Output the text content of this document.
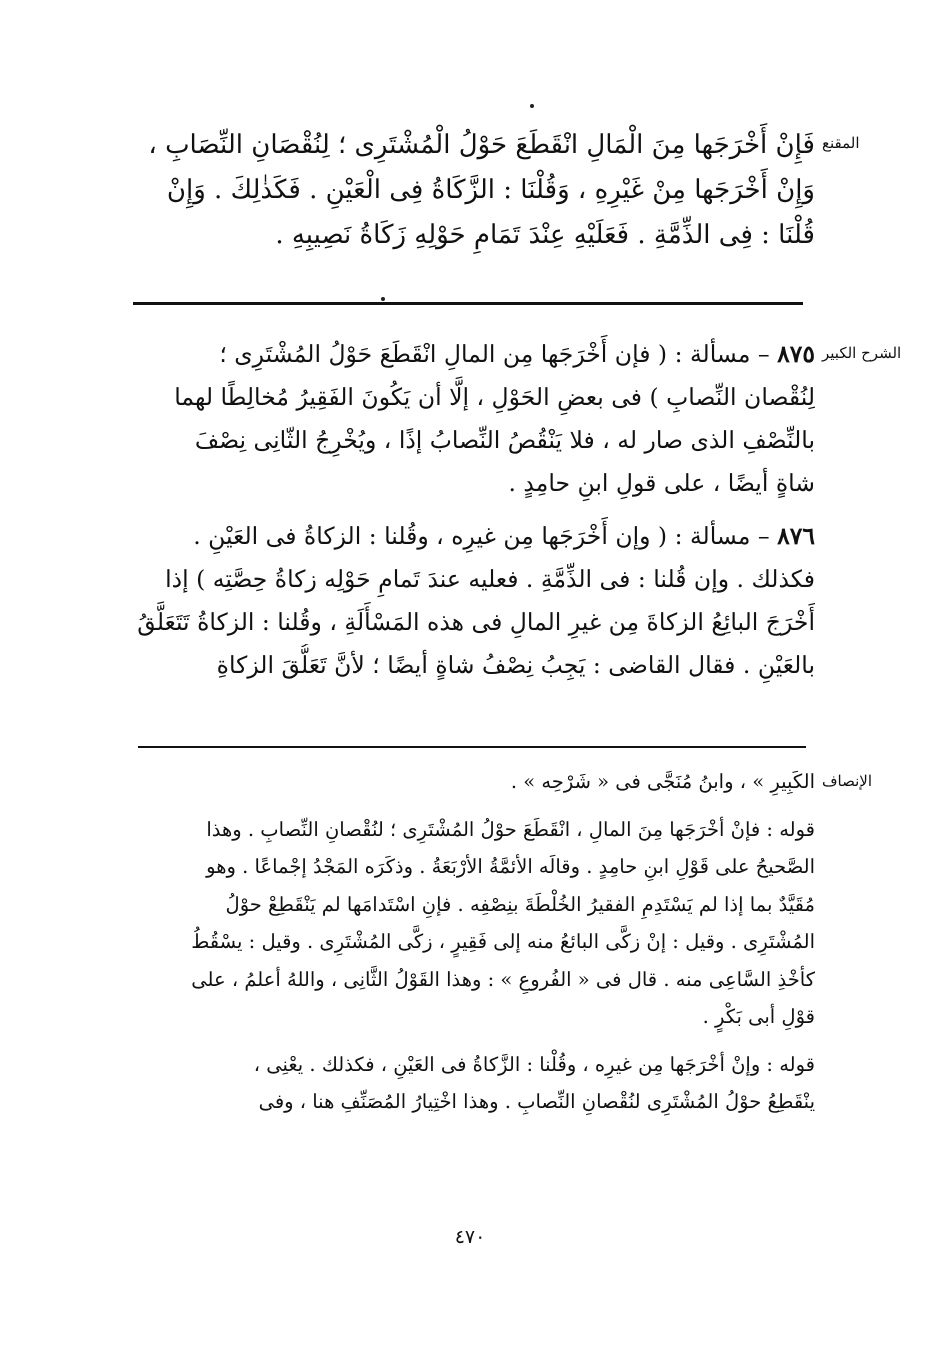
المقنع
فَإِنْ أَخْرَجَها مِنَ الْمَالِ انْقَطَعَ حَوْلُ الْمُشْتَرِى ؛ لِنُقْصَانِ النِّصَابِ ،
وَإِنْ أَخْرَجَها مِنْ غَيْرِهِ ، وَقُلْنَا : الزَّكَاةُ فِى الْعَيْنِ . فَكَذٰلِكَ . وَإِنْ
قُلْنَا : فِى الذِّمَّةِ . فَعَلَيْهِ عِنْدَ تَمَامِ حَوْلِهِ زَكَاةُ نَصِيبِهِ .
الشرح الكبير
٨٧٥ – مسألة : ( فإن أَخْرَجَها مِن المالِ انْقَطَعَ حَوْلُ المُشْتَرِى ؛
لِنُقْصان النِّصابِ ) فى بعضِ الحَوْلِ ، إلَّا أن يَكُونَ الفَقِيرُ مُخالِطًا لهما
بالنِّصْفِ الذى صار له ، فلا يَنْقُصُ النِّصابُ إذًا ، ويُخْرِجُ الثّانِى نِصْفَ
شاةٍ أيضًا ، على قولِ ابنِ حامِدٍ .
٨٧٦ – مسألة : ( وإن أَخْرَجَها مِن غيرِه ، وقُلنا : الزكاةُ فى العَيْنِ .
فكذلك . وإن قُلنا : فى الذِّمَّةِ . فعليه عندَ تَمامِ حَوْلِه زكاةُ حِصَّتِه ) إذا
أَخْرَجَ البائِعُ الزكاةَ مِن غيرِ المالِ فى هذه المَسْأَلَةِ ، وقُلنا : الزكاةُ تَتَعَلَّقُ
بالعَيْنِ . فقال القاضى : يَجِبُ نِصْفُ شاةٍ أيضًا ؛ لأنَّ تَعَلُّقَ الزكاةِ
الإنصاف
الكَبِيرِ » ، وابنُ مُنَجَّى فى « شَرْحِه » .
قوله : فإنْ أخْرَجَها مِنَ المالِ ، انْقَطَعَ حوْلُ المُشْتَرِى ؛ لنُقْصانِ النِّصابِ . وهذا
الصَّحيحُ على قَوْلِ ابنِ حامِدٍ . وقالَه الأئمَّةُ الأرْبَعَةُ . وذكَرَه المَجْدُ إجْماعًا . وهو
مُقَيَّدٌ بما إذا لم يَسْتَدِمِ الفقيرُ الخُلْطَةَ بنِصْفِه . فإنِ اسْتَدامَها لم يَنْقَطِعْ حوْلُ
المُشْتَرِى . وقيل : إنْ زكَّى البائعُ منه إلى فَقِيرٍ ، زكَّى المُشْتَرِى . وقيل : يسْقُطُ
كأخْذِ السَّاعِى منه . قال فى « الفُروعِ » : وهذا القَوْلُ الثَّانِى ، واللهُ أعلمُ ، على
قوْلِ أبى بَكْرٍ .
قوله : وإنْ أخْرَجَها مِن غيرِه ، وقُلْنا : الزَّكاةُ فى العَيْنِ ، فكذلك . يعْنِى ،
ينْقَطِعُ حوْلُ المُشْتَرِى لنُقْصانِ النِّصابِ . وهذا اخْتِيارُ المُصَنِّفِ هنا ، وفى
٤٧٠
